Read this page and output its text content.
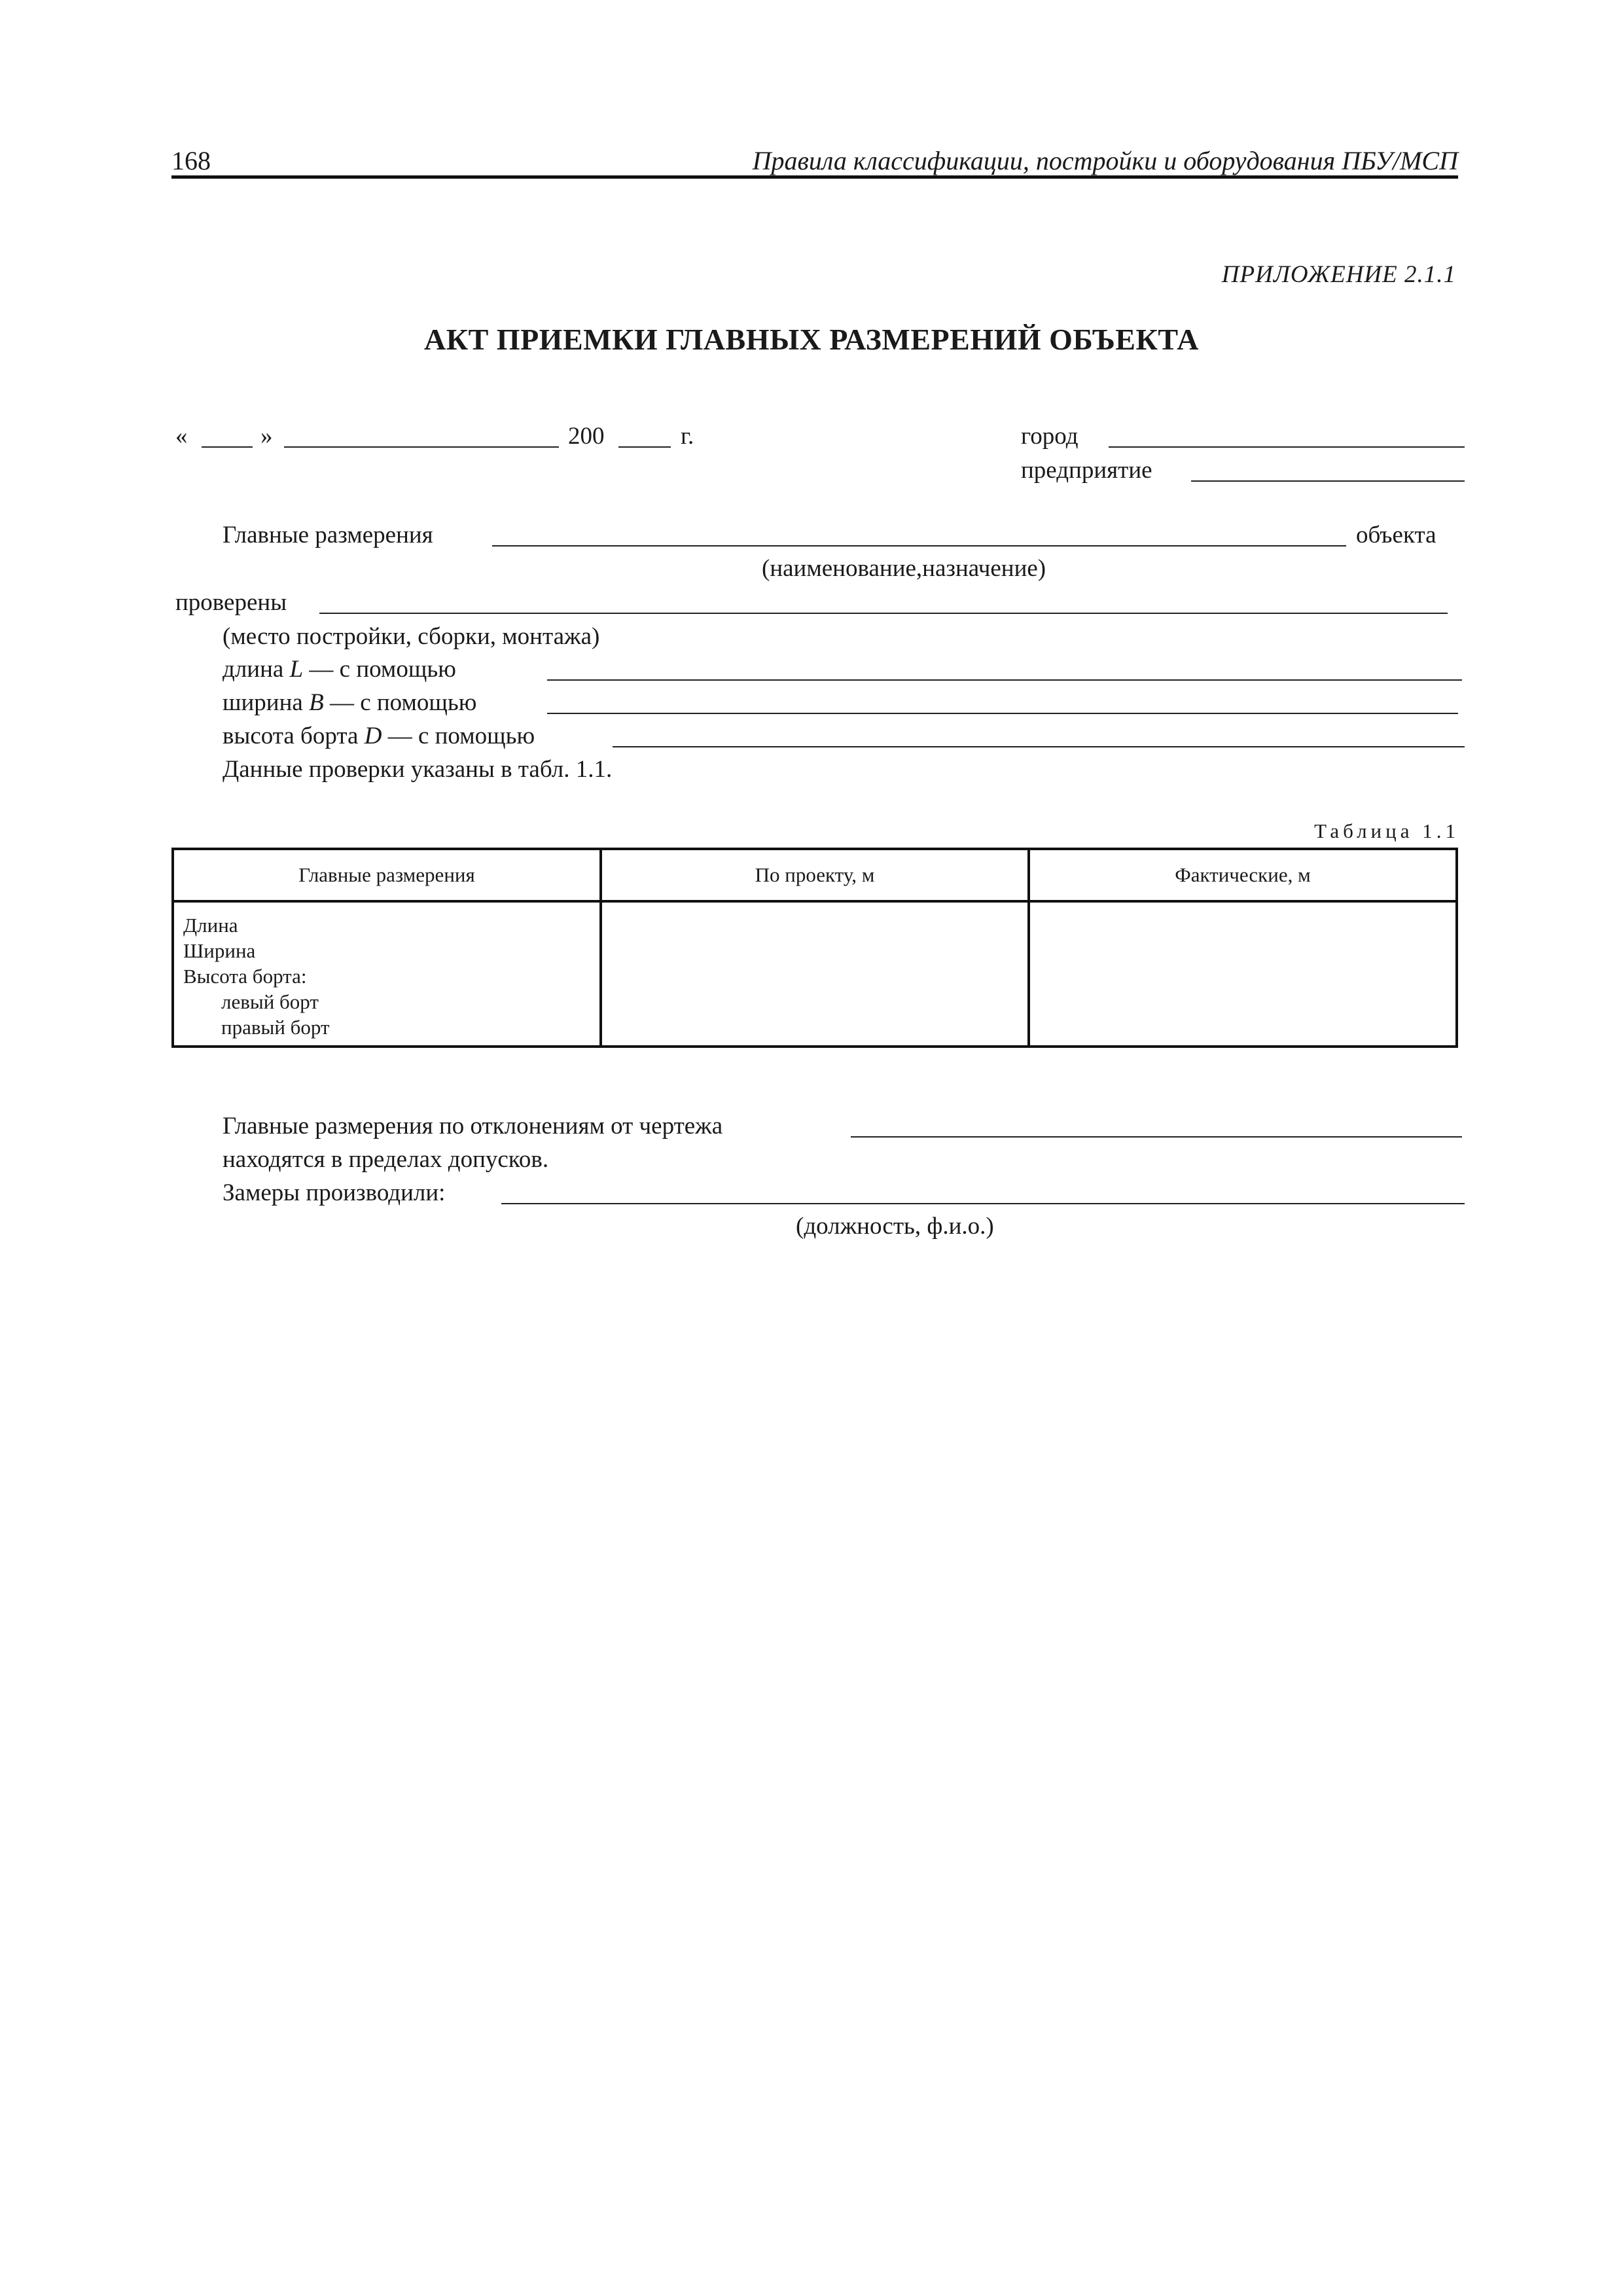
168	Правила классификации, постройки и оборудования ПБУ/МСП
ПРИЛОЖЕНИЕ 2.1.1
АКТ ПРИЕМКИ ГЛАВНЫХ РАЗМЕРЕНИЙ ОБЪЕКТА
«	»	200	г.	город
предприятие
Главные размерения	объекта
(наименование,назначение)
проверены
(место постройки, сборки, монтажа)
длина L — с помощью
ширина B — с помощью
высота борта D — с помощью
Данные проверки указаны в табл. 1.1.
Таблица 1.1
Главные размерения	По проекту, м	Фактические, м

Длина
Ширина
Высота борта:
левый борт
правый борт		

Главные размерения по отклонениям от чертежа
находятся в пределах допусков.
Замеры производили:
(должность, ф.и.о.)
